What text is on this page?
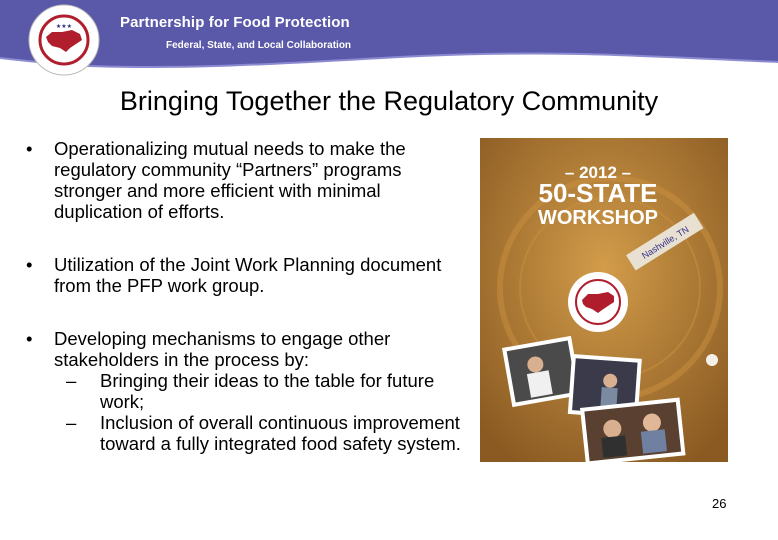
★★★	Partnership for Food Protection
Federal, State, and Local Collaboration
Bringing Together the Regulatory Community
• Operationalizing mutual needs to make the regulatory community “Partners” programs stronger and more efficient with minimal duplication of efforts.
• Utilization of the Joint Work Planning document from the PFP work group.
• Developing mechanisms to engage other stakeholders in the process by:
– Bringing their ideas to the table for future work;
– Inclusion of overall continuous improvement toward a fully integrated food safety system.
– 2012 –
50-STATE
WORKSHOP
Nashville, TN
26
